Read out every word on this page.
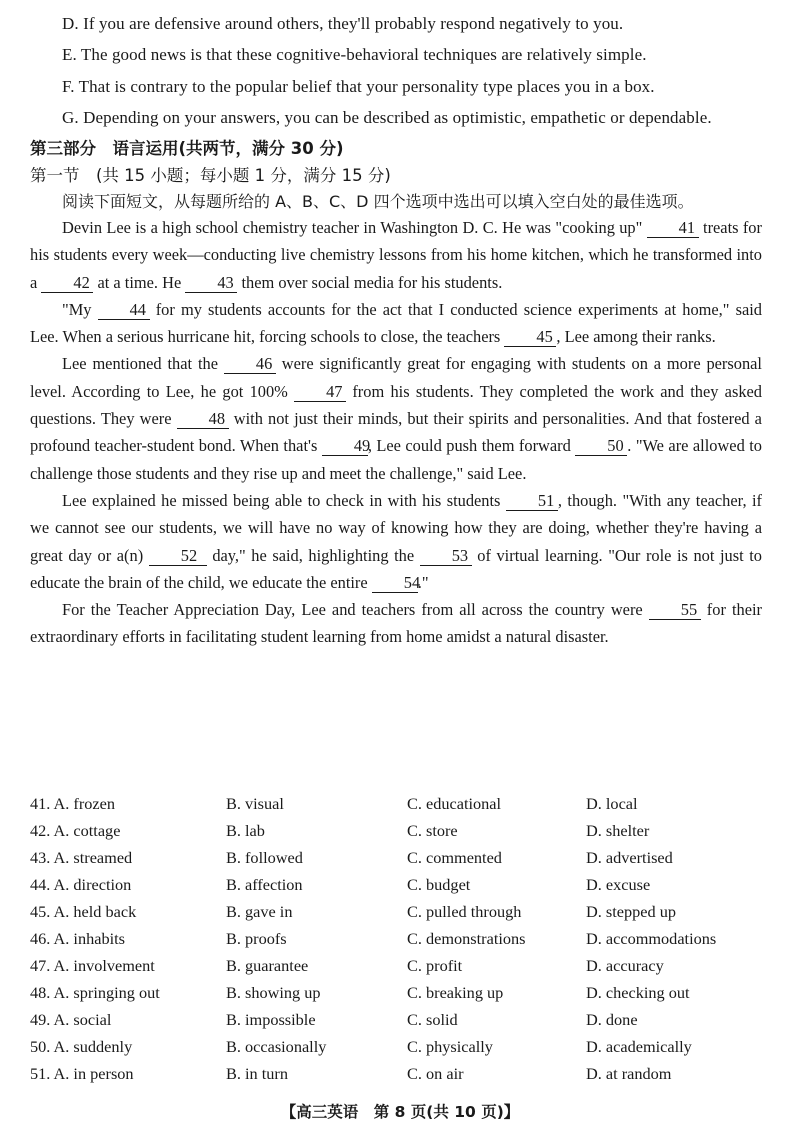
D. If you are defensive around others, they'll probably respond negatively to you.
E. The good news is that these cognitive-behavioral techniques are relatively simple.
F. That is contrary to the popular belief that your personality type places you in a box.
G. Depending on your answers, you can be described as optimistic, empathetic or dependable.
第三部分　语言运用(共两节，满分 30 分)
第一节　(共 15 小题；每小题 1 分，满分 15 分)
阅读下面短文，从每题所给的 A、B、C、D 四个选项中选出可以填入空白处的最佳选项。

Devin Lee is a high school chemistry teacher in Washington D. C. He was "cooking up" 41 treats for his students every week—conducting live chemistry lessons from his home kitchen, which he transformed into a 42 at a time. He 43 them over social media for his students.

"My 44 for my students accounts for the act that I conducted science experiments at home," said Lee. When a serious hurricane hit, forcing schools to close, the teachers 45 , Lee among their ranks.

Lee mentioned that the 46 were significantly great for engaging with students on a more personal level. According to Lee, he got 100% 47 from his students. They completed the work and they asked questions. They were 48 with not just their minds, but their spirits and personalities. And that fostered a profound teacher-student bond. When that's 49, Lee could push them forward 50 . "We are allowed to challenge those students and they rise up and meet the challenge," said Lee.

Lee explained he missed being able to check in with his students 51 , though. "With any teacher, if we cannot see our students, we will have no way of knowing how they are doing, whether they're having a great day or a(n) 52 day," he said, highlighting the 53 of virtual learning. "Our role is not just to educate the brain of the child, we educate the entire 54."

For the Teacher Appreciation Day, Lee and teachers from all across the country were 55 for their extraordinary efforts in facilitating student learning from home amidst a natural disaster.

41. A. frozen	B. visual	C. educational	D. local
42. A. cottage	B. lab	C. store	D. shelter
43. A. streamed	B. followed	C. commented	D. advertised
44. A. direction	B. affection	C. budget	D. excuse
45. A. held back	B. gave in	C. pulled through	D. stepped up
46. A. inhabits	B. proofs	C. demonstrations	D. accommodations
47. A. involvement	B. guarantee	C. profit	D. accuracy
48. A. springing out	B. showing up	C. breaking up	D. checking out
49. A. social	B. impossible	C. solid	D. done
50. A. suddenly	B. occasionally	C. physically	D. academically
51. A. in person	B. in turn	C. on air	D. at random
【高三英语　第 8 页(共 10 页)】
